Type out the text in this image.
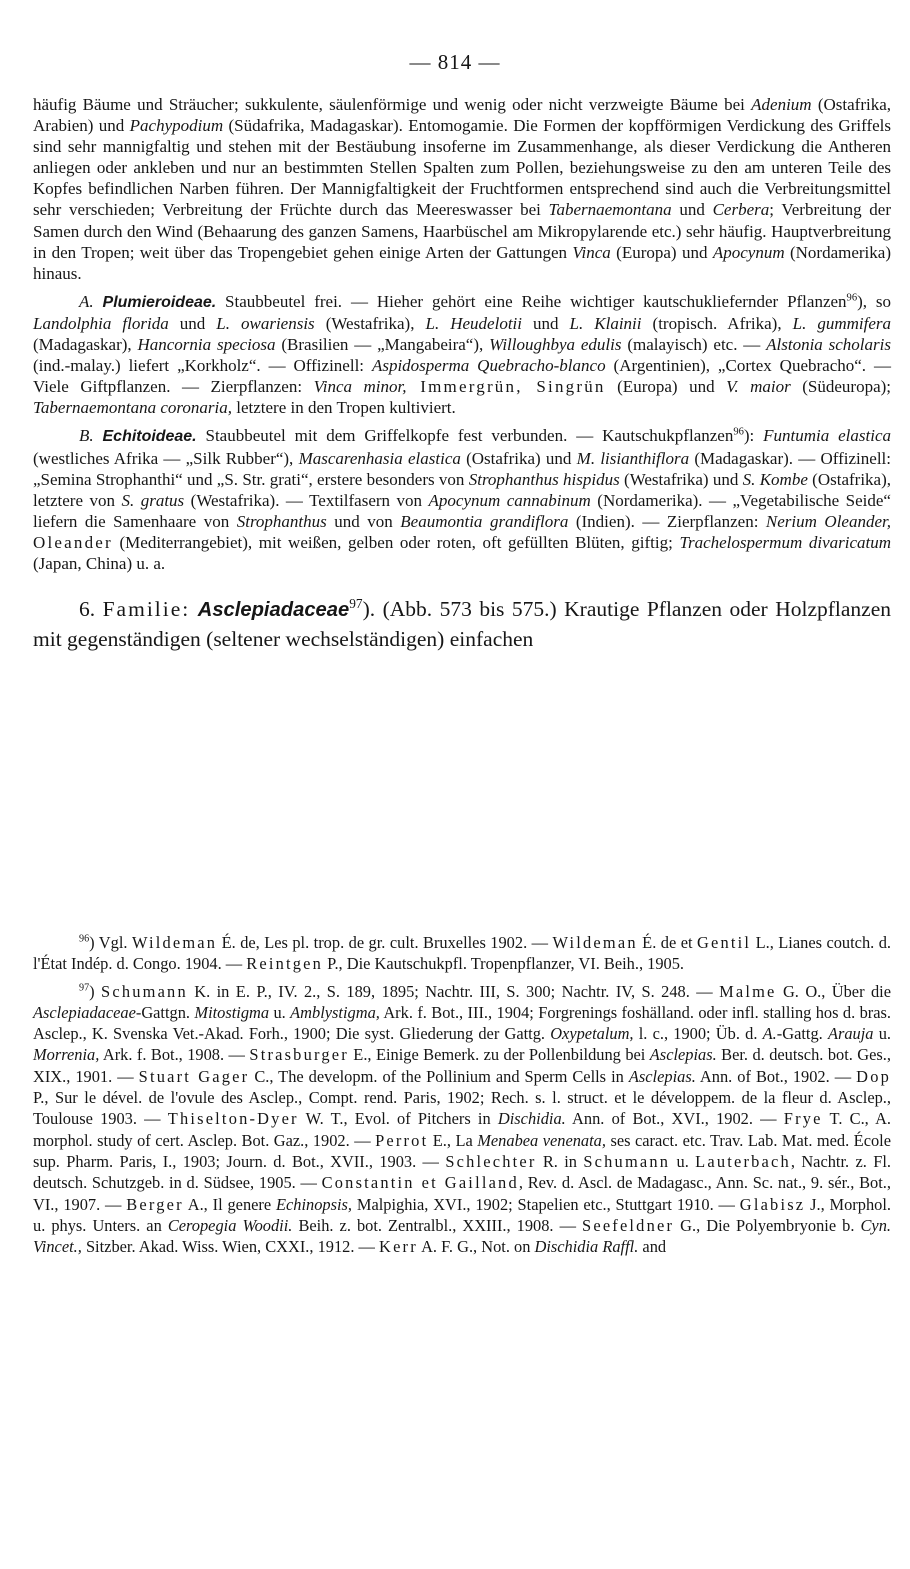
— 814 —

häufig Bäume und Sträucher; sukkulente, säulenförmige und wenig oder nicht verzweigte Bäume bei Adenium (Ostafrika, Arabien) und Pachypodium (Südafrika, Madagaskar). Entomogamie. Die Formen der kopfförmigen Verdickung des Griffels sind sehr mannigfaltig und stehen mit der Bestäubung insoferne im Zusammenhange, als dieser Verdickung die Antheren anliegen oder ankleben und nur an bestimmten Stellen Spalten zum Pollen, beziehungsweise zu den am unteren Teile des Kopfes befindlichen Narben führen. Der Mannigfaltigkeit der Fruchtformen entsprechend sind auch die Verbreitungsmittel sehr verschieden; Verbreitung der Früchte durch das Meereswasser bei Tabernaemontana und Cerbera; Verbreitung der Samen durch den Wind (Behaarung des ganzen Samens, Haarbüschel am Mikropylarende etc.) sehr häufig. Hauptverbreitung in den Tropen; weit über das Tropengebiet gehen einige Arten der Gattungen Vinca (Europa) und Apocynum (Nordamerika) hinaus.

A. Plumieroideae. Staubbeutel frei. — Hieher gehört eine Reihe wichtiger kautschukliefernder Pflanzen$^{96}$), so Landolphia florida und L. owariensis (Westafrika), L. Heudelotii und L. Klainii (tropisch. Afrika), L. gummifera (Madagaskar), Hancornia speciosa (Brasilien — „Mangabeira“), Willoughbya edulis (malayisch) etc. — Alstonia scholaris (ind.-malay.) liefert „Korkholz“. — Offizinell: Aspidosperma Quebracho-blanco (Argentinien), „Cortex Quebracho“. — Viele Giftpflanzen. — Zierpflanzen: Vinca minor, Immergrün, Singrün (Europa) und V. maior (Südeuropa); Tabernaemontana coronaria, letztere in den Tropen kultiviert.

B. Echitoideae. Staubbeutel mit dem Griffelkopfe fest verbunden. — Kautschukpflanzen$^{96}$): Funtumia elastica (westliches Afrika — „Silk Rubber“), Mascarenhasia elastica (Ostafrika) und M. lisianthiflora (Madagaskar). — Offizinell: „Semina Strophanthi“ und „S. Str. grati“, erstere besonders von Strophanthus hispidus (Westafrika) und S. Kombe (Ostafrika), letztere von S. gratus (Westafrika). — Textilfasern von Apocynum cannabinum (Nordamerika). — „Vegetabilische Seide“ liefern die Samenhaare von Strophanthus und von Beaumontia grandiflora (Indien). — Zierpflanzen: Nerium Oleander, Oleander (Mediterrangebiet), mit weißen, gelben oder roten, oft gefüllten Blüten, giftig; Trachelospermum divaricatum (Japan, China) u. a.

6. Familie: Asclepiadaceae$^{97}$). (Abb. 573 bis 575.) Krautige Pflanzen oder Holzpflanzen mit gegenständigen (seltener wechselständigen) einfachen

$^{96}$) Vgl. Wildeman É. de, Les pl. trop. de gr. cult. Bruxelles 1902. — Wildeman É. de et Gentil L., Lianes coutch. d. l'État Indép. d. Congo. 1904. — Reintgen P., Die Kautschukpfl. Tropenpflanzer, VI. Beih., 1905.

$^{97}$) Schumann K. in E. P., IV. 2., S. 189, 1895; Nachtr. III, S. 300; Nachtr. IV, S. 248. — Malme G. O., Über die Asclepiadaceae-Gattgn. Mitostigma u. Amblystigma, Ark. f. Bot., III., 1904; Forgrenings foshälland. oder infl. stalling hos d. bras. Asclep., K. Svenska Vet.-Akad. Forh., 1900; Die syst. Gliederung der Gattg. Oxypetalum, l. c., 1900; Üb. d. A.-Gattg. Arauja u. Morrenia, Ark. f. Bot., 1908. — Strasburger E., Einige Bemerk. zu der Pollenbildung bei Asclepias. Ber. d. deutsch. bot. Ges., XIX., 1901. — Stuart Gager C., The developm. of the Pollinium and Sperm Cells in Asclepias. Ann. of Bot., 1902. — Dop P., Sur le dével. de l'ovule des Asclep., Compt. rend. Paris, 1902; Rech. s. l. struct. et le développem. de la fleur d. Asclep., Toulouse 1903. — Thiselton-Dyer W. T., Evol. of Pitchers in Dischidia. Ann. of Bot., XVI., 1902. — Frye T. C., A. morphol. study of cert. Asclep. Bot. Gaz., 1902. — Perrot E., La Menabea venenata, ses caract. etc. Trav. Lab. Mat. med. École sup. Pharm. Paris, I., 1903; Journ. d. Bot., XVII., 1903. — Schlechter R. in Schumann u. Lauterbach, Nachtr. z. Fl. deutsch. Schutzgeb. in d. Südsee, 1905. — Constantin et Gailland, Rev. d. Ascl. de Madagasc., Ann. Sc. nat., 9. sér., Bot., VI., 1907. — Berger A., Il genere Echinopsis, Malpighia, XVI., 1902; Stapelien etc., Stuttgart 1910. — Glabisz J., Morphol. u. phys. Unters. an Ceropegia Woodii. Beih. z. bot. Zentralbl., XXIII., 1908. — Seefeldner G., Die Polyembryonie b. Cyn. Vincet., Sitzber. Akad. Wiss. Wien, CXXI., 1912. — Kerr A. F. G., Not. on Dischidia Raffl. and
